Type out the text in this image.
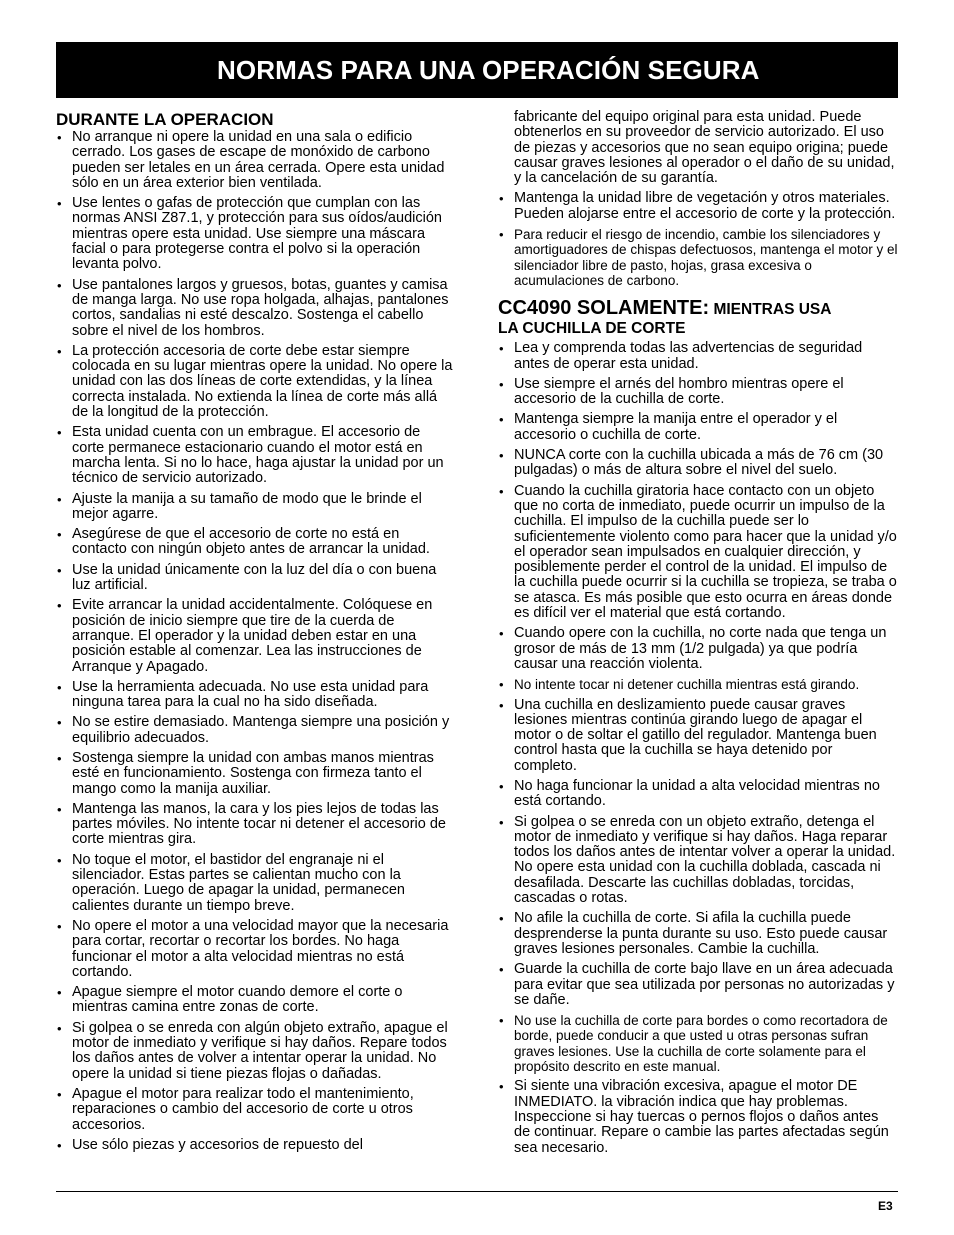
NORMAS PARA UNA OPERACIÓN SEGURA
DURANTE LA OPERACION
• No arranque ni opere la unidad en una sala o edificio cerrado. Los gases de escape de monóxido de carbono pueden ser letales en un área cerrada. Opere esta unidad sólo en un área exterior bien ventilada.
• Use lentes o gafas de protección que cumplan con las normas ANSI Z87.1, y protección para sus oídos/audición mientras opere esta unidad. Use siempre una máscara facial o para protegerse contra el polvo si la operación levanta polvo.
• Use pantalones largos y gruesos, botas, guantes y camisa de manga larga. No use ropa holgada, alhajas, pantalones cortos, sandalias ni esté descalzo. Sostenga el cabello sobre el nivel de los hombros.
• La protección accesoria de corte debe estar siempre colocada en su lugar mientras opere la unidad. No opere la unidad con las dos líneas de corte extendidas, y la línea correcta instalada. No extienda la línea de corte más allá de la longitud de la protección.
• Esta unidad cuenta con un embrague. El accesorio de corte permanece estacionario cuando el motor está en marcha lenta. Si no lo hace, haga ajustar la unidad por un técnico de servicio autorizado.
• Ajuste la manija a su tamaño de modo que le brinde el mejor agarre.
• Asegúrese de que el accesorio de corte no está en contacto con ningún objeto antes de arrancar la unidad.
• Use la unidad únicamente con la luz del día o con buena luz artificial.
• Evite arrancar la unidad accidentalmente. Colóquese en posición de inicio siempre que tire de la cuerda de arranque. El operador y la unidad deben estar en una posición estable al comenzar. Lea las instrucciones de Arranque y Apagado.
• Use la herramienta adecuada. No use esta unidad para ninguna tarea para la cual no ha sido diseñada.
• No se estire demasiado. Mantenga siempre una posición y equilibrio adecuados.
• Sostenga siempre la unidad con ambas manos mientras esté en funcionamiento. Sostenga con firmeza tanto el mango como la manija auxiliar.
• Mantenga las manos, la cara y los pies lejos de todas las partes móviles. No intente tocar ni detener el accesorio de corte mientras gira.
• No toque el motor, el bastidor del engranaje ni el silenciador. Estas partes se calientan mucho con la operación. Luego de apagar la unidad, permanecen calientes durante un tiempo breve.
• No opere el motor a una velocidad mayor que la necesaria para cortar, recortar o recortar los bordes. No haga funcionar el motor a alta velocidad mientras no está cortando.
• Apague siempre el motor cuando demore el corte o mientras camina entre zonas de corte.
• Si golpea o se enreda con algún objeto extraño, apague el motor de inmediato y verifique si hay daños. Repare todos los daños antes de volver a intentar operar la unidad. No opere la unidad si tiene piezas flojas o dañadas.
• Apague el motor para realizar todo el mantenimiento, reparaciones o cambio del accesorio de corte u otros accesorios.
• Use sólo piezas y accesorios de repuesto del
fabricante del equipo original para esta unidad. Puede obtenerlos en su proveedor de servicio autorizado. El uso de piezas y accesorios que no sean equipo origina; puede causar graves lesiones al operador o el daño de su unidad, y la cancelación de su garantía.
• Mantenga la unidad libre de vegetación y otros materiales. Pueden alojarse entre el accesorio de corte y la protección.
• Para reducir el riesgo de incendio, cambie los silenciadores y amortiguadores de chispas defectuosos, mantenga el motor y el silenciador libre de pasto, hojas, grasa excesiva o acumulaciones de carbono.
CC4090 SOLAMENTE: MIENTRAS USA
LA CUCHILLA DE CORTE
• Lea y comprenda todas las advertencias de seguridad antes de operar esta unidad.
• Use siempre el arnés del hombro mientras opere el accesorio de la cuchilla de corte.
• Mantenga siempre la manija entre el operador y el accesorio o cuchilla de corte.
• NUNCA corte con la cuchilla ubicada a más de 76 cm (30 pulgadas) o más de altura sobre el nivel del suelo.
• Cuando la cuchilla giratoria hace contacto con un objeto que no corta de inmediato, puede ocurrir un impulso de la cuchilla. El impulso de la cuchilla puede ser lo suficientemente violento como para hacer que la unidad y/o el operador sean impulsados en cualquier dirección, y posiblemente perder el control de la unidad. El impulso de la cuchilla puede ocurrir si la cuchilla se tropieza, se traba o se atasca. Es más posible que esto ocurra en áreas donde es difícil ver el material que está cortando.
• Cuando opere con la cuchilla, no corte nada que tenga un grosor de más de 13 mm (1/2 pulgada) ya que podría causar una reacción violenta.
• No intente tocar ni detener cuchilla mientras está girando.
• Una cuchilla en deslizamiento puede causar graves lesiones mientras continúa girando luego de apagar el motor o de soltar el gatillo del regulador. Mantenga buen control hasta que la cuchilla se haya detenido por completo.
• No haga funcionar la unidad a alta velocidad mientras no está cortando.
• Si golpea o se enreda con un objeto extraño, detenga el motor de inmediato y verifique si hay daños. Haga reparar todos los daños antes de intentar volver a operar la unidad. No opere esta unidad con la cuchilla doblada, cascada ni desafilada. Descarte las cuchillas dobladas, torcidas, cascadas o rotas.
• No afile la cuchilla de corte. Si afila la cuchilla puede desprenderse la punta durante su uso. Esto puede causar graves lesiones personales. Cambie la cuchilla.
• Guarde la cuchilla de corte bajo llave en un área adecuada para evitar que sea utilizada por personas no autorizadas y se dañe.
• No use la cuchilla de corte para bordes o como recortadora de borde, puede conducir a que usted u otras personas sufran graves lesiones. Use la cuchilla de corte solamente para el propósito descrito en este manual.
• Si siente una vibración excesiva, apague el motor DE INMEDIATO. la vibración indica que hay problemas. Inspeccione si hay tuercas o pernos flojos o daños antes de continuar. Repare o cambie las partes afectadas según sea necesario.
E3
